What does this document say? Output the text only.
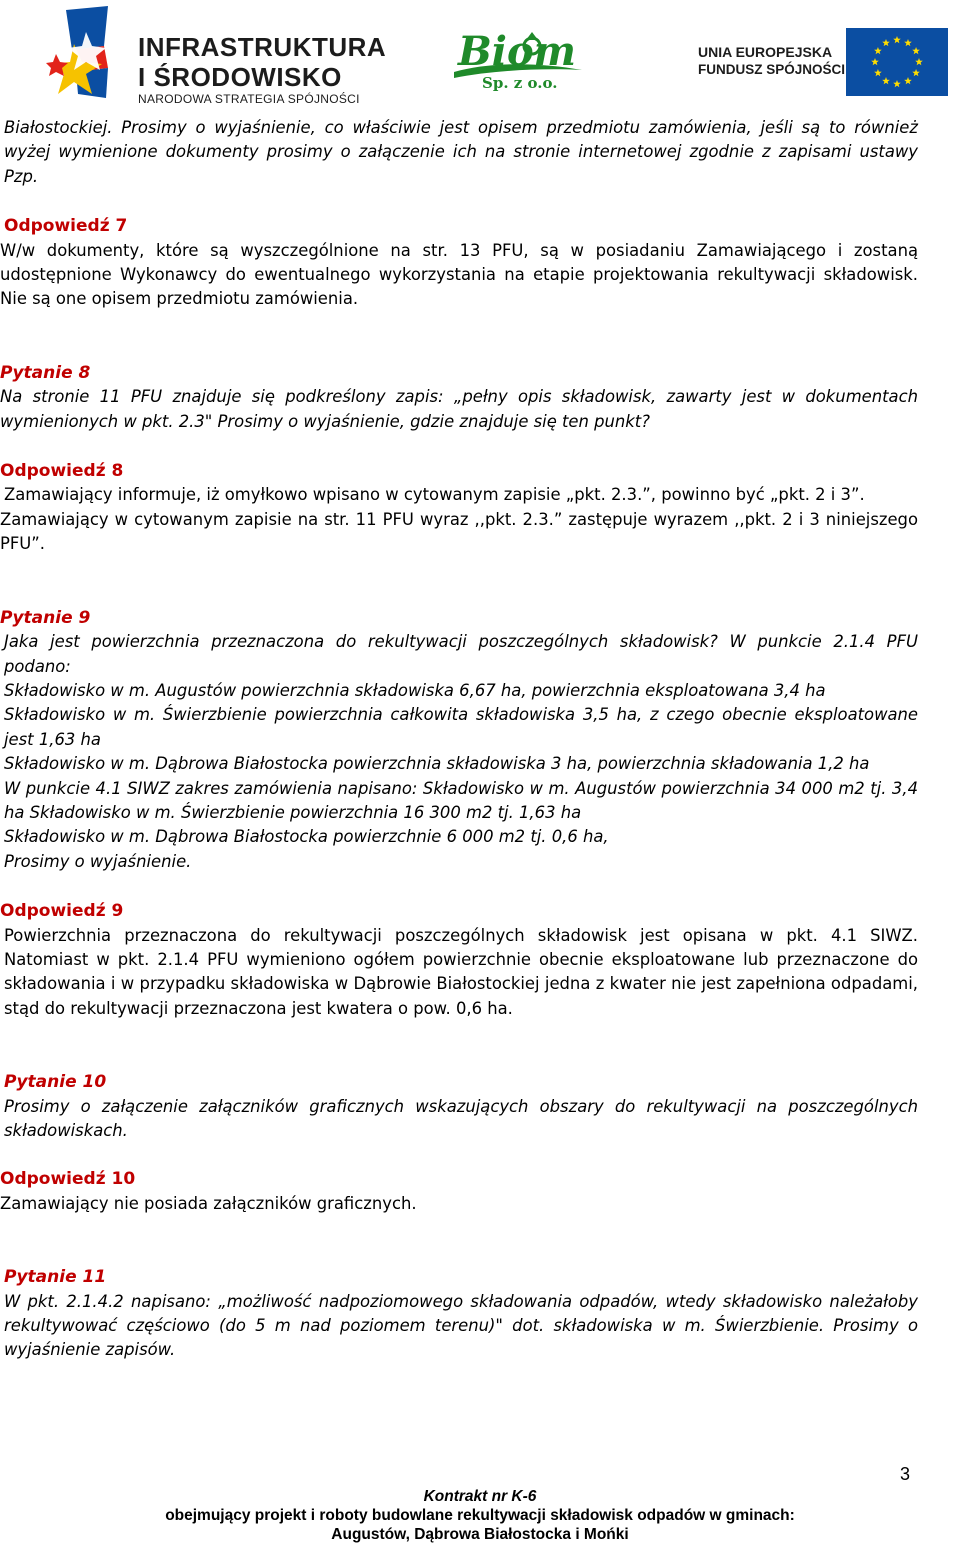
INFRASTRUKTURA
I ŚRODOWISKO
NARODOWA STRATEGIA SPÓJNOŚCI
Biom
Sp. z o.o.
UNIA EUROPEJSKA
FUNDUSZ SPÓJNOŚCI

Białostockiej. Prosimy o wyjaśnienie, co właściwie jest opisem przedmiotu zamówienia, jeśli są to również wyżej wymienione dokumenty prosimy o załączenie ich na stronie internetowej zgodnie z zapisami ustawy Pzp.

Odpowiedź 7

W/w dokumenty, które są wyszczególnione na str. 13 PFU, są w posiadaniu Zamawiającego i zostaną udostępnione Wykonawcy do ewentualnego wykorzystania na etapie projektowania rekultywacji składowisk. Nie są one opisem przedmiotu zamówienia.

Pytanie 8

Na stronie 11 PFU znajduje się podkreślony zapis: „pełny opis składowisk, zawarty jest w dokumentach wymienionych w pkt. 2.3" Prosimy o wyjaśnienie, gdzie znajduje się ten punkt?

Odpowiedź 8

Zamawiający informuje, iż omyłkowo wpisano w cytowanym zapisie „pkt. 2.3.”, powinno być „pkt. 2 i 3”.

Zamawiający w cytowanym zapisie na str. 11 PFU wyraz ,,pkt. 2.3.” zastępuje wyrazem ,,pkt. 2 i 3 niniejszego PFU”.

Pytanie 9

Jaka jest powierzchnia przeznaczona do rekultywacji poszczególnych składowisk? W punkcie 2.1.4 PFU podano:

Składowisko w m. Augustów powierzchnia składowiska 6,67 ha, powierzchnia eksploatowana 3,4 ha

Składowisko w m. Świerzbienie powierzchnia całkowita składowiska 3,5 ha, z czego obecnie eksploatowane jest 1,63 ha

Składowisko w m. Dąbrowa Białostocka powierzchnia składowiska 3 ha, powierzchnia składowania 1,2 ha

W punkcie 4.1 SIWZ zakres zamówienia napisano: Składowisko w m. Augustów powierzchnia 34 000 m2 tj. 3,4 ha Składowisko w m. Świerzbienie powierzchnia 16 300 m2 tj. 1,63 ha

Składowisko w m. Dąbrowa Białostocka powierzchnie 6 000 m2 tj. 0,6 ha,

Prosimy o wyjaśnienie.

Odpowiedź 9

Powierzchnia przeznaczona do rekultywacji poszczególnych składowisk jest opisana w pkt. 4.1 SIWZ. Natomiast w pkt. 2.1.4 PFU wymieniono ogółem powierzchnie obecnie eksploatowane lub przeznaczone do składowania i w przypadku składowiska w Dąbrowie Białostockiej jedna z kwater nie jest zapełniona odpadami, stąd do rekultywacji przeznaczona jest kwatera o pow. 0,6 ha.

Pytanie 10

Prosimy o załączenie załączników graficznych wskazujących obszary do rekultywacji na poszczególnych składowiskach.

Odpowiedź 10

Zamawiający nie posiada załączników graficznych.

Pytanie 11

W pkt. 2.1.4.2 napisano: „możliwość nadpoziomowego składowania odpadów, wtedy składowisko należałoby rekultywować częściowo (do 5 m nad poziomem terenu)" dot. składowiska w m. Świerzbienie. Prosimy o wyjaśnienie zapisów.

3
Kontrakt nr K-6
obejmujący projekt i roboty budowlane rekultywacji składowisk odpadów w gminach:
Augustów, Dąbrowa Białostocka i Mońki
